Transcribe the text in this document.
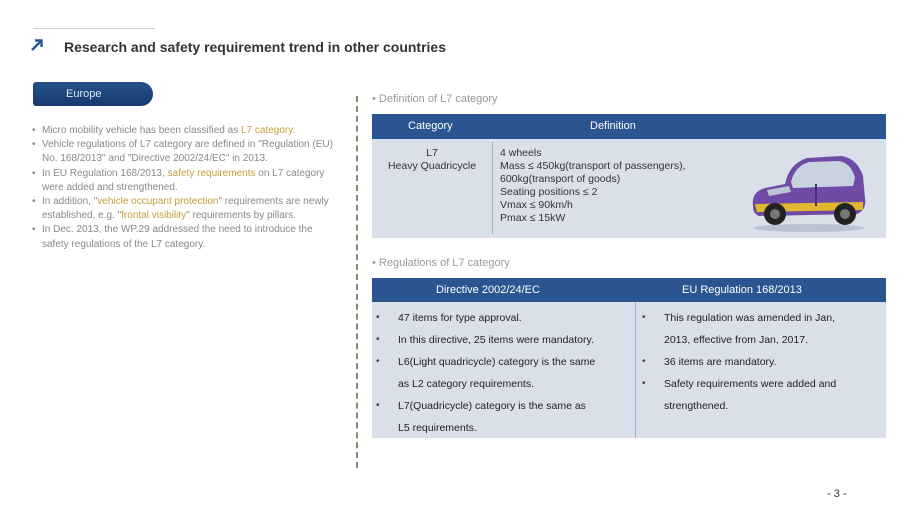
Research and safety requirement trend in other countries
Europe
• Micro mobility vehicle has been classified as L7 category.
• Vehicle regulations of L7 category are defined in "Regulation (EU) No. 168/2013" and "Directive 2002/24/EC" in 2013.
• In EU Regulation 168/2013, safety requirements on L7 category were added and strengthened.
• In addition, "vehicle occupant protection" requirements are newly established, e.g. "frontal visibility" requirements by pillars.
• In Dec. 2013, the WP.29 addressed the need to introduce the safety regulations of the L7 category.
• Definition of L7 category
Category	Definition
L7
Heavy Quadricycle
4 wheels
Mass ≤ 450kg(transport of passengers),
600kg(transport of goods)
Seating positions ≤ 2
Vmax ≤ 90km/h
Pmax ≤ 15kW
• Regulations of L7 category
Directive 2002/24/EC	EU Regulation 168/2013
• 47 items for type approval.
• In this directive, 25 items were mandatory.
• L6(Light quadricycle) category is the same
as L2 category requirements.
• L7(Quadricycle) category is the same as
L5 requirements.
• This regulation was amended in Jan,
2013, effective from Jan, 2017.
• 36 items are mandatory.
• Safety requirements were added and
strengthened.
- 3 -
